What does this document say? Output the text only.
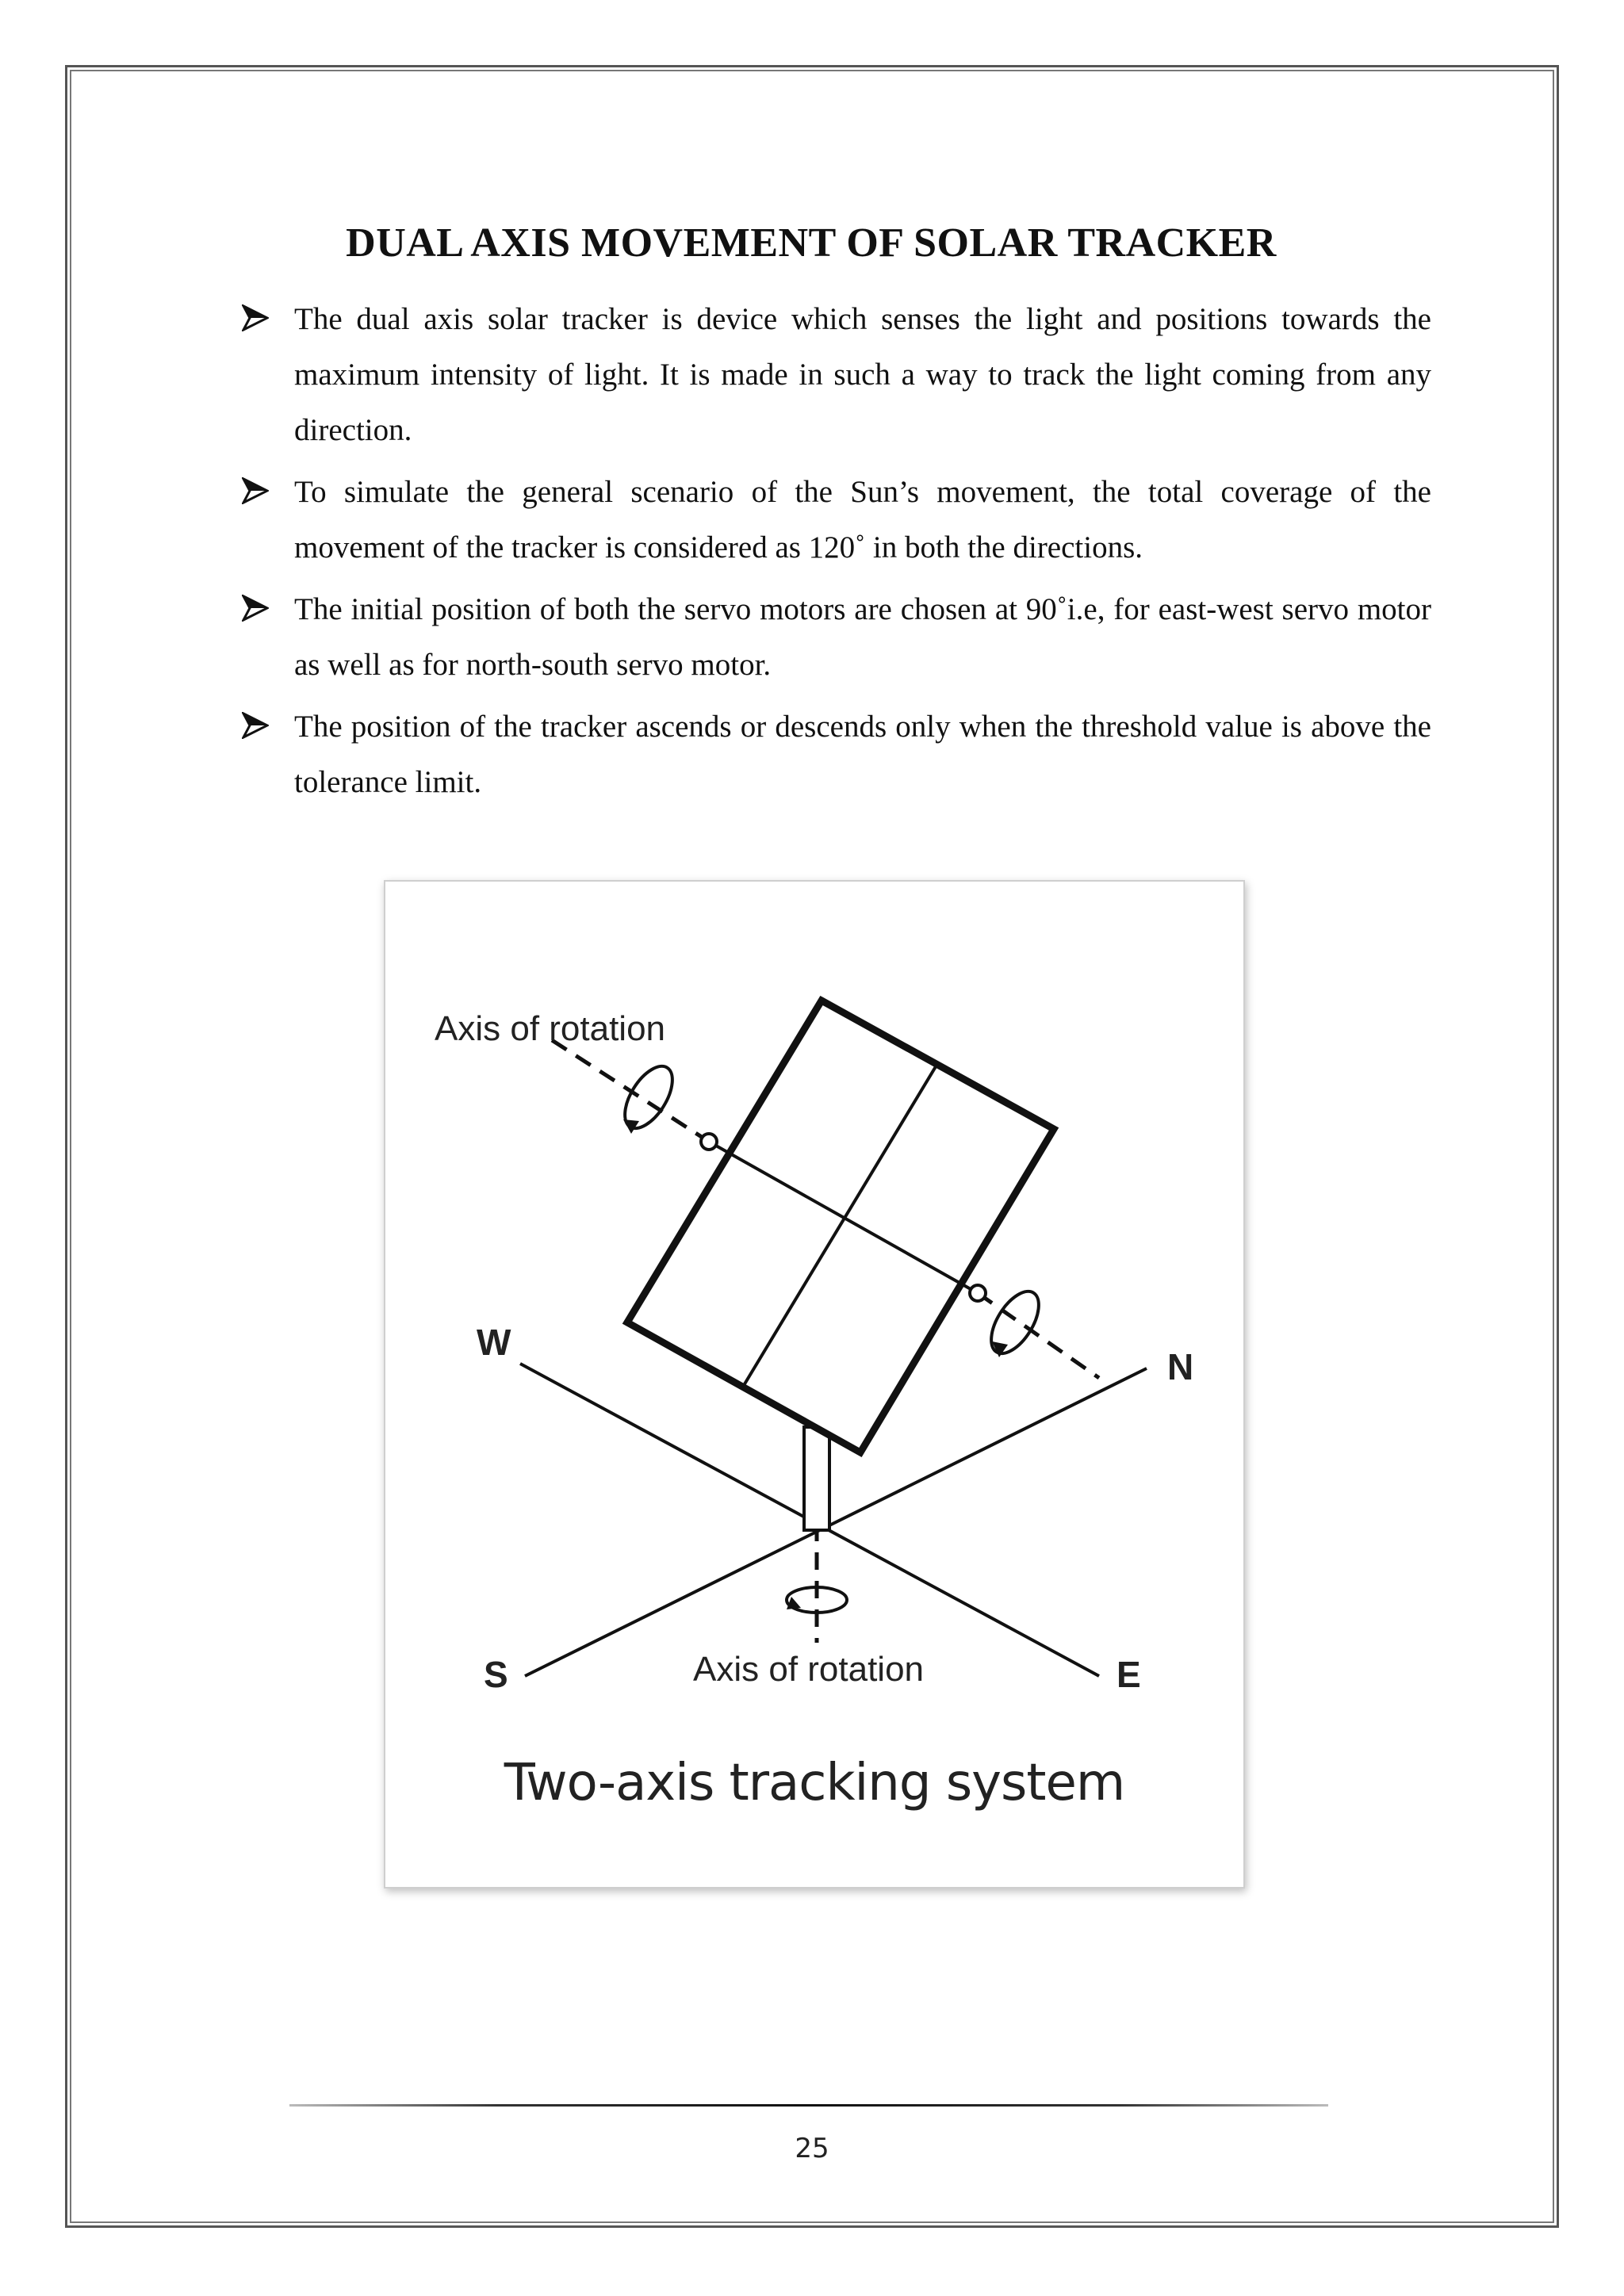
DUAL AXIS MOVEMENT OF SOLAR TRACKER
The dual axis solar tracker is device which senses the light and positions towards the maximum intensity of light. It is made in such a way to track the light coming from any direction.
To simulate the general scenario of the Sun’s movement, the total coverage of the movement of the tracker is considered as 120˚ in both the directions.
The initial position of both the servo motors are chosen at 90˚i.e, for east-west servo motor as well as for north-south servo motor.
The position of the tracker ascends or descends only when the threshold value is above the tolerance limit.
Axis of rotation
Axis of rotation
W
N
S	E
Two-axis tracking system
25
